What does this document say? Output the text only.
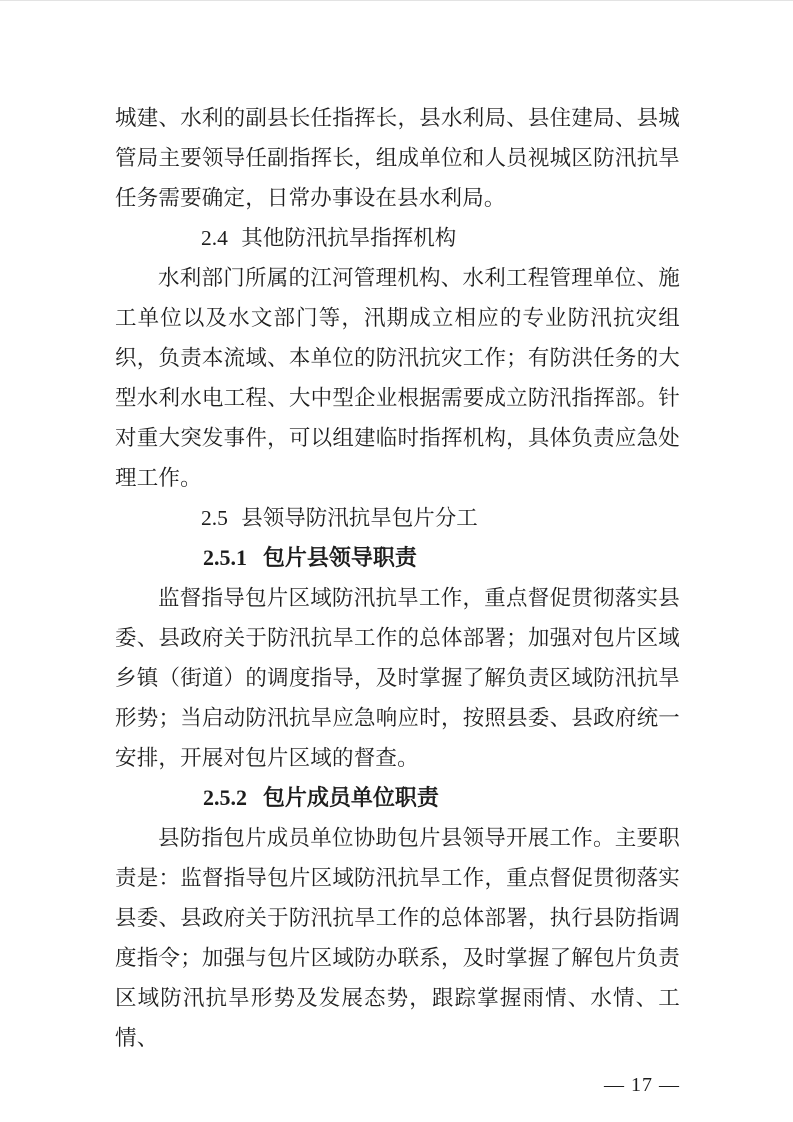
城建、水利的副县长任指挥长，县水利局、县住建局、县城管局主要领导任副指挥长，组成单位和人员视城区防汛抗旱任务需要确定，日常办事设在县水利局。

2.4 其他防汛抗旱指挥机构

水利部门所属的江河管理机构、水利工程管理单位、施工单位以及水文部门等，汛期成立相应的专业防汛抗灾组织，负责本流域、本单位的防汛抗灾工作；有防洪任务的大型水利水电工程、大中型企业根据需要成立防汛指挥部。针对重大突发事件，可以组建临时指挥机构，具体负责应急处理工作。

2.5 县领导防汛抗旱包片分工

2.5.1 包片县领导职责

监督指导包片区域防汛抗旱工作，重点督促贯彻落实县委、县政府关于防汛抗旱工作的总体部署；加强对包片区域乡镇（街道）的调度指导，及时掌握了解负责区域防汛抗旱形势；当启动防汛抗旱应急响应时，按照县委、县政府统一安排，开展对包片区域的督查。

2.5.2 包片成员单位职责

县防指包片成员单位协助包片县领导开展工作。主要职责是：监督指导包片区域防汛抗旱工作，重点督促贯彻落实县委、县政府关于防汛抗旱工作的总体部署，执行县防指调度指令；加强与包片区域防办联系，及时掌握了解包片负责区域防汛抗旱形势及发展态势，跟踪掌握雨情、水情、工情、

— 17 —
